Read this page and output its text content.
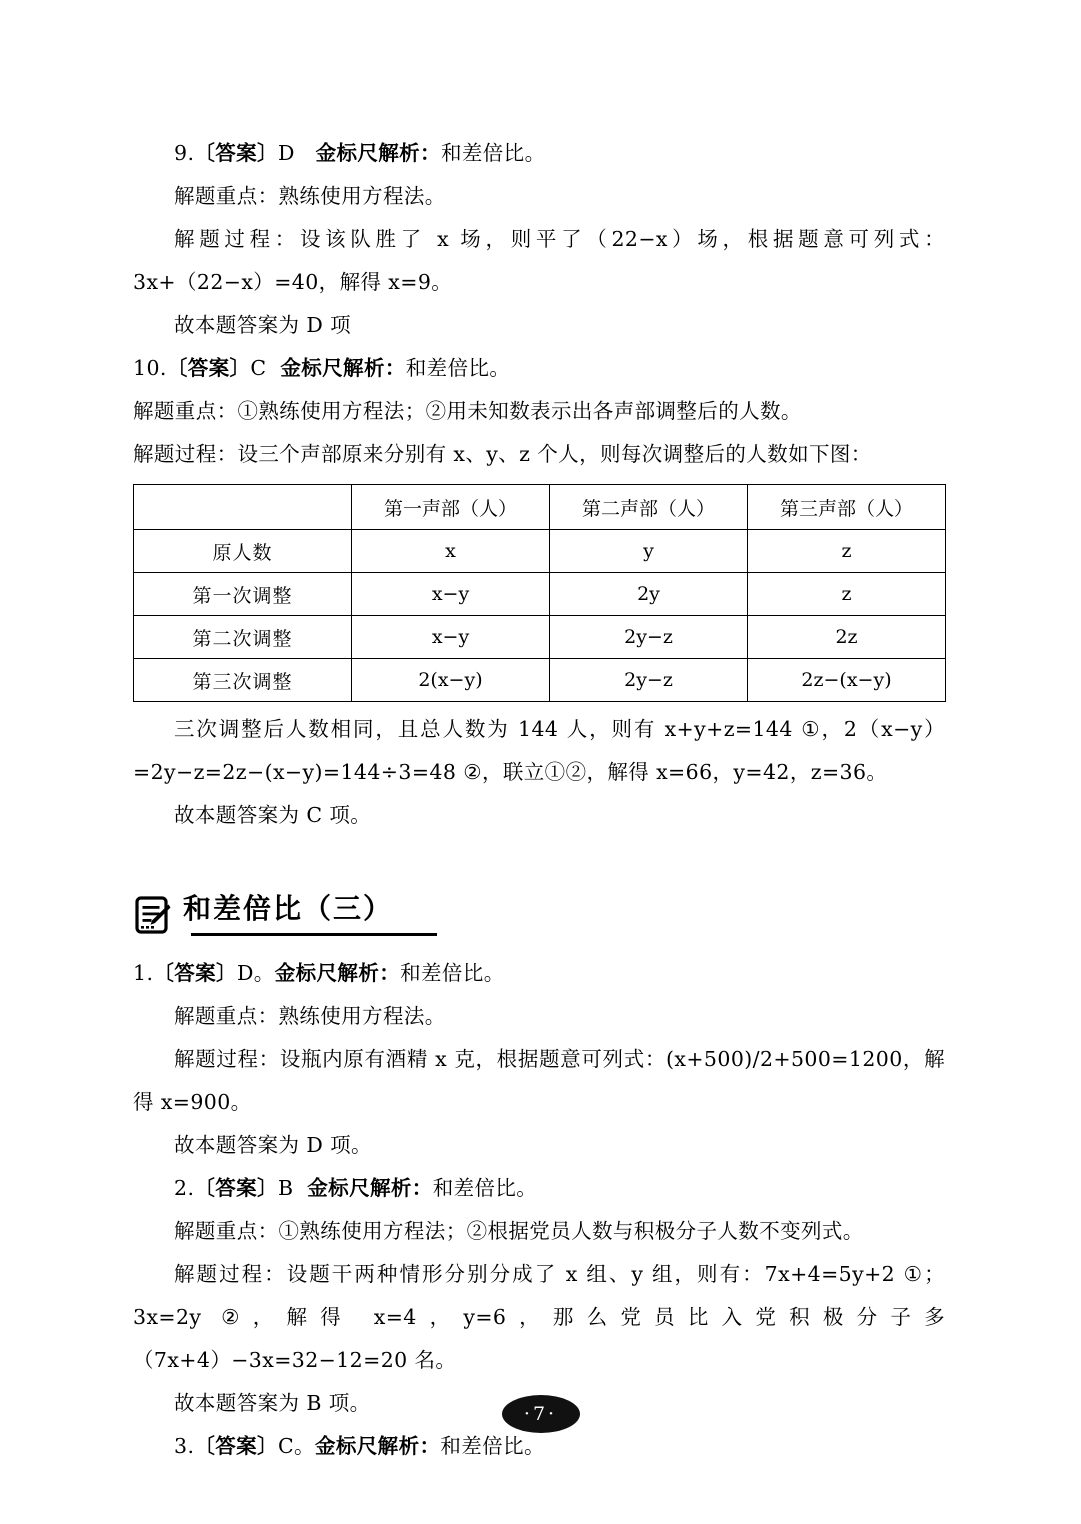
9.〔答案〕D 金标尺解析：和差倍比。

解题重点：熟练使用方程法。

解题过程：设该队胜了 x 场，则平了（22−x）场，根据题意可列式：3x+（22−x）=40，解得 x=9。

故本题答案为 D 项

10.〔答案〕C 金标尺解析：和差倍比。

解题重点：①熟练使用方程法；②用未知数表示出各声部调整后的人数。

解题过程：设三个声部原来分别有 x、y、z 个人，则每次调整后的人数如下图：

	第一声部（人）	第二声部（人）	第三声部（人）
原人数	x	y	z
第一次调整	x−y	2y	z
第二次调整	x−y	2y−z	2z
第三次调整	2(x−y)	2y−z	2z−(x−y)

三次调整后人数相同，且总人数为 144 人，则有 x+y+z=144 ①，2（x−y）=2y−z=2z−(x−y)=144÷3=48 ②，联立①②，解得 x=66，y=42，z=36。

故本题答案为 C 项。

和差倍比（三）

1.〔答案〕D。金标尺解析：和差倍比。

解题重点：熟练使用方程法。

解题过程：设瓶内原有酒精 x 克，根据题意可列式：(x+500)/2+500=1200，解得 x=900。

故本题答案为 D 项。

2.〔答案〕B 金标尺解析：和差倍比。

解题重点：①熟练使用方程法；②根据党员人数与积极分子人数不变列式。

解题过程：设题干两种情形分别分成了 x 组、y 组，则有：7x+4=5y+2 ①；3x=2y ②，解得 x=4，y=6，那么党员比入党积极分子多（7x+4）−3x=32−12=20 名。

故本题答案为 B 项。

3.〔答案〕C。金标尺解析：和差倍比。

·7·
